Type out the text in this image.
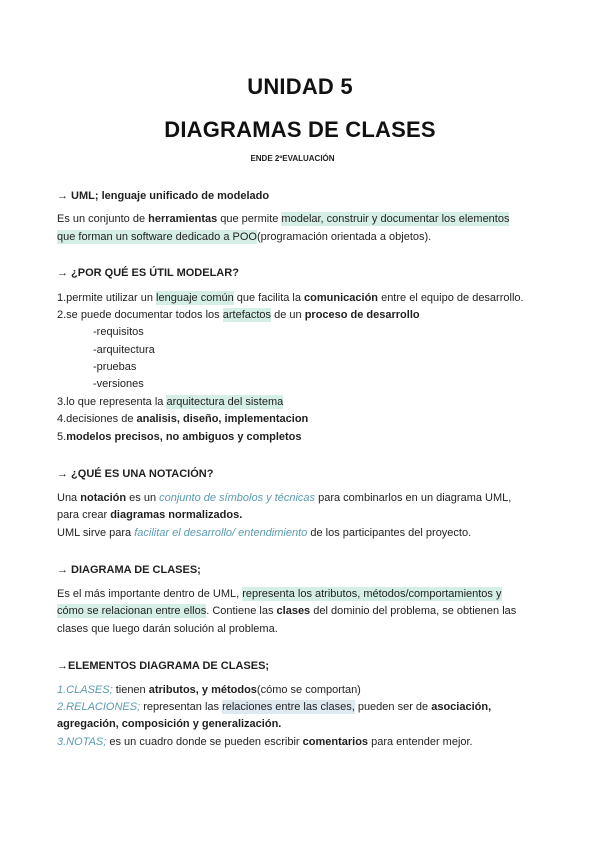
UNIDAD 5
DIAGRAMAS DE CLASES
ENDE 2ºEVALUACIÓN
→ UML; lenguaje unificado de modelado
Es un conjunto de herramientas que permite modelar, construir y documentar los elementos
que forman un software dedicado a POO(programación orientada a objetos).
→ ¿POR QUÉ ES ÚTIL MODELAR?
1.permite utilizar un lenguaje común que facilita la comunicación entre el equipo de desarrollo.
2.se puede documentar todos los artefactos de un proceso de desarrollo
-requisitos
-arquitectura
-pruebas
-versiones
3.lo que representa la arquitectura del sistema
4.decisiones de analisis, diseño, implementacion
5.modelos precisos, no ambiguos y completos
→ ¿QUÉ ES UNA NOTACIÓN?
Una notación es un conjunto de símbolos y técnicas para combinarlos en un diagrama UML,
para crear diagramas normalizados.
UML sirve para facilitar el desarrollo/ entendimiento de los participantes del proyecto.
→ DIAGRAMA DE CLASES;
Es el más importante dentro de UML, representa los atributos, métodos/comportamientos y
cómo se relacionan entre ellos. Contiene las clases del dominio del problema, se obtienen las
clases que luego darán solución al problema.
→ELEMENTOS DIAGRAMA DE CLASES;
1.CLASES; tienen atributos, y métodos(cómo se comportan)
2.RELACIONES; representan las relaciones entre las clases, pueden ser de asociación,
agregación, composición y generalización.
3.NOTAS; es un cuadro donde se pueden escribir comentarios para entender mejor.
